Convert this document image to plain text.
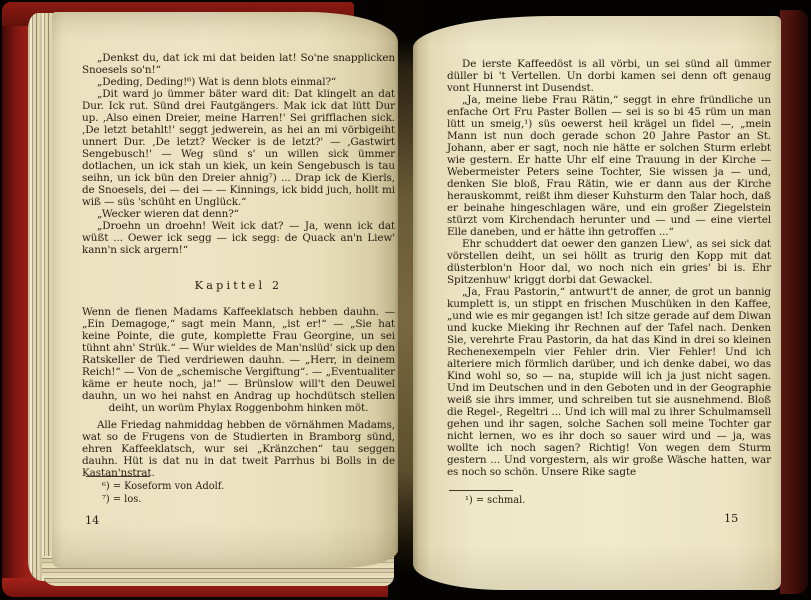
„Denkst du, dat ick mi dat beiden lat! So'ne snapplicken Snoesels so'n!“

„Deding, Deding!⁶) Wat is denn blots einmal?“

„Dit ward jo ümmer bäter ward dit: Dat klingelt an dat Dur. Ick rut. Sünd drei Fautgängers. Mak ick dat lütt Dur up. ‚Also einen Dreier, meine Harren!' Sei grifflachen sick. ‚De letzt betahlt!' seggt jedwerein, as hei an mi vörbigeiht unnert Dur. ‚De letzt? Wecker is de letzt?' — ‚Gastwirt Sengebusch!' — Weg sünd s' un willen sick ümmer dotlachen, un ick stah un kiek, un kein Sengebusch is tau seihn, un ick bün den Dreier ahnig⁷) ... Drap ick de Kierls, de Snoesels, dei — dei — — Kinnings, ick bidd juch, hollt mi wiß — süs 'schüht en Unglück.“

„Wecker wieren dat denn?“

„Droehn un droehn! Weit ick dat? — Ja, wenn ick dat wüßt ... Oewer ick segg — ick segg: de Quack an'n Liew' kann'n sick argern!“

Kapittel 2

Wenn de fienen Madams Kaffeeklatsch hebben dauhn. — „Ein Demagoge,“ sagt mein Mann, „ist er!“ — „Sie hat keine Pointe, die gute, komplette Frau Georgine, un sei tühnt ahn' Strük.“ — Wur wieldes de Man'nslüd' sick up den Ratskeller de Tied verdriewen dauhn. — „Herr, in deinem Reich!“ — Von de „schemische Vergiftung“. — „Eventualiter käme er heute noch, ja!“ — Brünslow will't den Deuwel dauhn, un wo hei nahst en Andrag up hochdütsch stellen deiht, un worüm Phylax Roggenbohm hinken möt.

Alle Friedag nahmiddag hebben de vörnähmen Madams, wat so de Frugens von de Studierten in Bramborg sünd, ehren Kaffeeklatsch, wur sei „Kränzchen“ tau seggen dauhn. Hüt is dat nu in dat tweit Parrhus bi Bolls in de Kastan'nstrat.

⁶) = Koseform von Adolf.
⁷) = los.
14

De ierste Kaffeedöst is all vörbi, un sei sünd all ümmer düller bi 't Vertellen. Un dorbi kamen sei denn oft genaug vont Hunnerst int Dusendst.

„Ja, meine liebe Frau Rätin,“ seggt in ehre fründliche un enfache Ort Fru Paster Bollen — sei is so bi 45 rüm un man lütt un smeig,¹) süs oewerst heil krägel un fidel —, „mein Mann ist nun doch gerade schon 20 Jahre Pastor an St. Johann, aber er sagt, noch nie hätte er solchen Sturm erlebt wie gestern. Er hatte Uhr elf eine Trauung in der Kirche — Webermeister Peters seine Tochter, Sie wissen ja — und, denken Sie bloß, Frau Rätin, wie er dann aus der Kirche herauskommt, reißt ihm dieser Kuhsturm den Talar hoch, daß er beinahe hingeschlagen wäre, und ein großer Ziegelstein stürzt vom Kirchendach herunter und — und — eine viertel Elle daneben, und er hätte ihn getroffen ...“

Ehr schuddert dat oewer den ganzen Liew', as sei sick dat vörstellen deiht, un sei höllt as trurig den Kopp mit dat düsterblon'n Hoor dal, wo noch nich ein gries' bi is. Ehr Spitzenhuw' kriggt dorbi dat Gewackel.

„Ja, Frau Pastorin,“ antwurt't de anner, de grot un bannig kumplett is, un stippt en frischen Muschüken in den Kaffee, „und wie es mir gegangen ist! Ich sitze gerade auf dem Diwan und kucke Mieking ihr Rechnen auf der Tafel nach. Denken Sie, verehrte Frau Pastorin, da hat das Kind in drei so kleinen Rechenexempeln vier Fehler drin. Vier Fehler! Und ich alteriere mich förmlich darüber, und ich denke dabei, wo das Kind wohl so, so — na, stupide will ich ja just nicht sagen. Und im Deutschen und in den Geboten und in der Geographie weiß sie ihrs immer, und schreiben tut sie ausnehmend. Bloß die Regel-, Regeltri ... Und ich will mal zu ihrer Schulmamsell gehen und ihr sagen, solche Sachen soll meine Tochter gar nicht lernen, wo es ihr doch so sauer wird und — ja, was wollte ich noch sagen? Richtig! Von wegen dem Sturm gestern ... Und vorgestern, als wir große Wäsche hatten, war es noch so schön. Unsere Rike sagte

¹) = schmal.
15
